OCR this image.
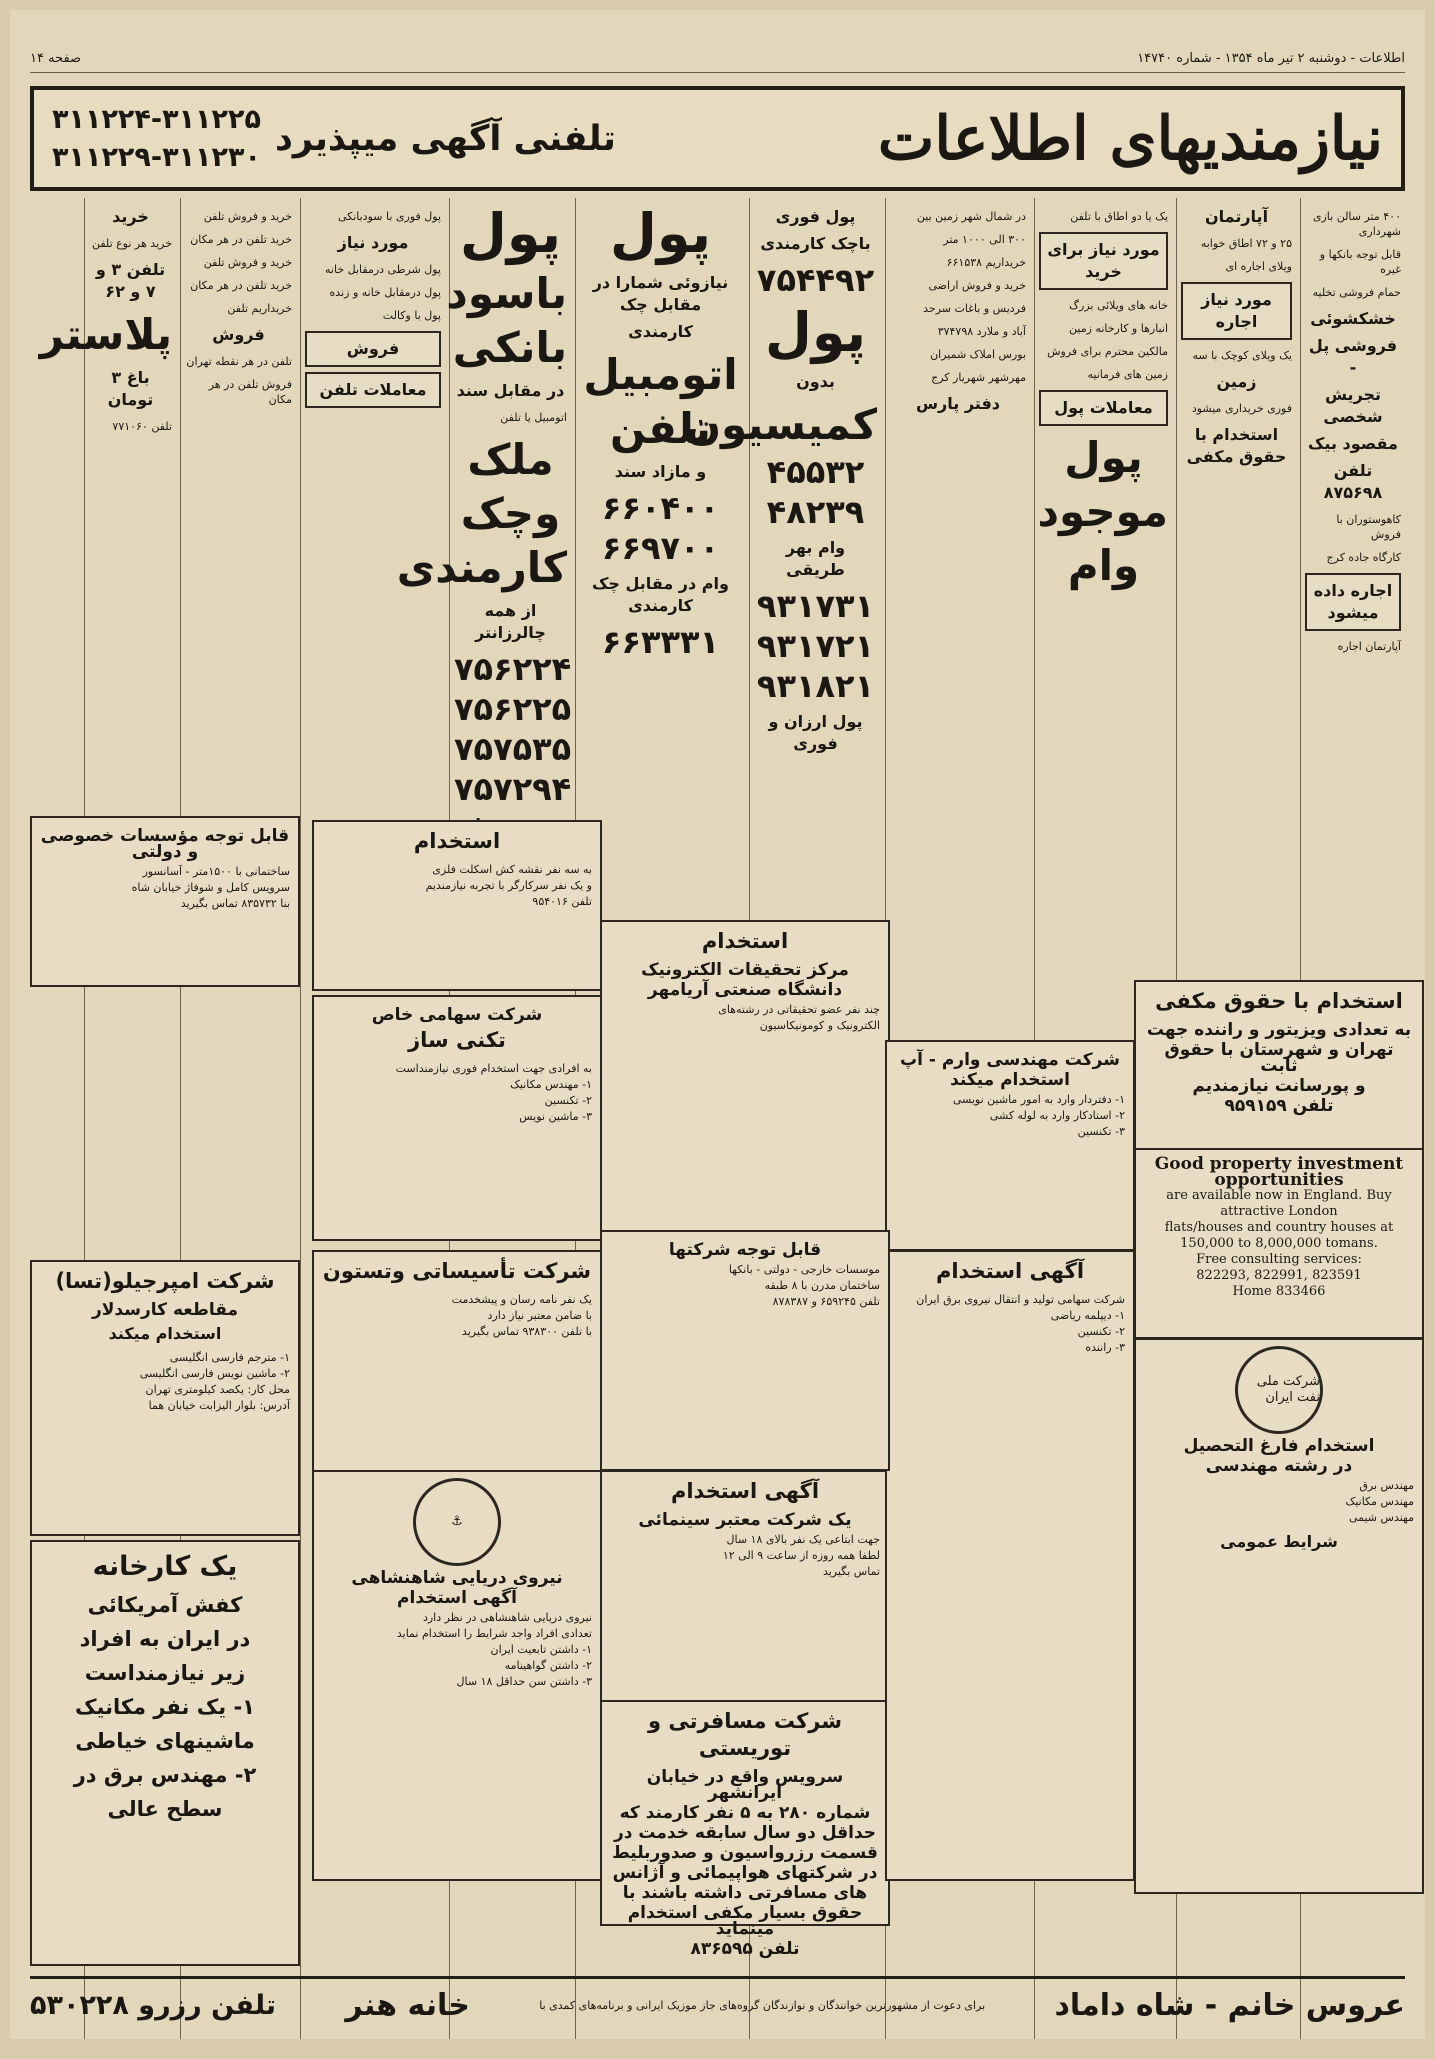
اطلاعات - دوشنبه ۲ تیر ماه ۱۳۵۴ - شماره ۱۴۷۴۰
صفحه ۱۴
نیازمندیهای اطلاعات
تلفنی آگهی میپذیرد
۳۱۱۲۲۴-۳۱۱۲۲۵
۳۱۱۲۲۹-۳۱۱۲۳۰
۴۰۰ متر سالن بازی شهرداری
قابل توجه بانکها و غیره
حمام فروشی تخلیه
خشکشوئی
فروشی پل -
تجریش شخصی
مقصود بیک
تلفن ۸۷۵۶۹۸
کاهوستوران با فروش
کارگاه جاده کرج
اجاره داده میشود
آپارتمان اجاره
آپارتمان
۲۵ و ۷۲ اطاق خوابه
ویلای اجاره ای
مورد نیاز اجاره
یک ویلای کوچک با سه
زمین
فوری خریداری میشود
استخدام با حقوق مکفی
یک یا دو اطاق با تلفن
مورد نیاز برای خرید
خانه های ویلائی بزرگ
انبارها و کارخانه زمین
مالکین محترم برای فروش
زمین های فرمانیه
معاملات پول
پول موجود
وام
در شمال شهر زمین بین
۳۰۰ الی ۱۰۰۰ متر
خریداریم ۶۶۱۵۳۸
خرید و فروش اراضی
فردیس و باغات سرحد
آباد و ملارد ۳۷۴۷۹۸
بورس املاک شمیران
مهرشهر شهریار کرج
دفتر پارس
پول فوری
باچک کارمندی
۷۵۴۴۹۲
پول
بدون
کمیسیون
۴۵۵۳۲
۴۸۲۳۹
وام بهر طریقی
۹۳۱۷۳۱
۹۳۱۷۲۱
۹۳۱۸۲۱
پول ارزان و فوری
پول
نیازوئی شمارا در مقابل چک
کارمندی
اتومبیل
تلفن
و مازاد سند
۶۶۰۴۰۰
۶۶۹۷۰۰
وام در مقابل چک کارمندی
۶۶۳۳۳۱
پول
باسود بانکی
در مقابل سند
اتومبیل یا تلفن
ملک
وچک
کارمندی
از همه چالرزانتر
۷۵۶۲۲۴
۷۵۶۲۲۵
۷۵۷۵۳۵
۷۵۷۲۹۴
پول فوری با سودبانکی
مورد نیاز
پول شرطی درمقابل خانه
پول درمقابل خانه و زنده
پول با وکالت
فروش
معاملات تلفن
خرید و فروش تلفن
خرید تلفن در هر مکان
خرید و فروش تلفن
خرید تلفن در هر مکان
خریداریم تلفن
فروش
تلفن در هر نقطه تهران
فروش تلفن در هر مکان
خرید
خرید هر نوع تلفن
تلفن ۳ و ۷ و ۶۲
پلاستر
باغ ۳ تومان
تلفن ۷۷۱۰۶۰
استخدام با حقوق مکفی
به تعدادی ویزیتور و راننده جهت
تهران و شهرستان با حقوق ثابت
و پورسانت نیازمندیم
تلفن ۹۵۹۱۵۹
Good property investment opportunities
are available now in England. Buy attractive London
flats/houses and country houses at 150,000 to 8,000,000 tomans.
Free consulting services:
822293, 822991, 823591
Home 833466
شرکت ملی نفت ایران
استخدام فارغ التحصیل
در رشته مهندسی
مهندس برق
مهندس مکانیک
مهندس شیمی
شرایط عمومی
استخدام
مرکز تحقیقات الکترونیک
دانشگاه صنعتی آریامهر
چند نفر عضو تحقیقاتی در رشته‌های
الکترونیک و کومونیکاسیون
شرکت سهامی خاص
تکنی ساز
به افرادی جهت استخدام فوری نیازمنداست
۱- مهندس مکانیک
۲- تکنسین
۳- ماشین نویس
شرکت امپرجیلو(تسا)
مقاطعه کارسدلار
استخدام میکند
۱- مترجم فارسی انگلیسی
۲- ماشین نویس فارسی انگلیسی
محل کار: یکصد کیلومتری تهران
آدرس: بلوار الیزابت خیابان هما
یک کارخانه
کفش آمریکائی
در ایران به افراد
زیر نیازمنداست
۱- یک نفر مکانیک
ماشینهای خیاطی
۲- مهندس برق در
سطح عالی
شرکت تأسیساتی وتستون
یک نفر نامه رسان و پیشخدمت
با ضامن معتبر نیاز دارد
با تلفن ۹۳۸۳۰۰ تماس بگیرید
⚓
نیروی دریایی شاهنشاهی
آگهی استخدام
نیروی دریایی شاهنشاهی در نظر دارد
تعدادی افراد واجد شرایط را استخدام نماید
۱- داشتن تابعیت ایران
۲- داشتن گواهینامه
۳- داشتن سن حداقل ۱۸ سال
آگهی استخدام
یک شرکت معتبر سینمائی
جهت ابتاعی یک نفر بالای ۱۸ سال
لطفا همه روزه از ساعت ۹ الی ۱۲
تماس بگیرید
شرکت مسافرتی و توریستی
سرویس واقع در خیابان ایرانشهر
شماره ۲۸۰ به ۵ نفر کارمند که
حداقل دو سال سابقه خدمت در
قسمت رزرواسیون و صدوربلیط
در شرکتهای هواپیمائی و آژانس
های مسافرتی داشته باشند با
حقوق بسیار مکفی استخدام مینماید
تلفن ۸۳۶۵۹۵
آگهی استخدام
شرکت سهامی تولید و انتقال نیروی برق ایران
۱- دیپلمه ریاضی
۲- تکنسین
۳- راننده
قابل توجه مؤسسات خصوصی و دولتی
ساختمانی با ۱۵۰۰متر - آسانسور
سرویس کامل و شوفاژ خیابان شاه
بنا ۸۳۵۷۳۲ تماس بگیرید
استخدام
به سه نفر نقشه کش اسکلت فلزی
و یک نفر سرکارگر با تجربه نیازمندیم
تلفن ۹۵۴۰۱۶
شرکت مهندسی وارم - آپ
استخدام میکند
۱- دفتردار وارد به امور ماشین نویسی
۲- استادکار وارد به لوله کشی
۳- تکنسین
قابل توجه شرکتها
موسسات خارجی - دولتی - بانکها
ساختمان مدرن با ۸ طبقه
تلفن ۶۵۹۲۴۵ و ۸۷۸۳۸۷
عروس خانم - شاه داماد
برای دعوت از مشهورترین خوانندگان و نوازندگان گروه‌های جاز موزیک ایرانی و برنامه‌های کمدی با
خانه هنر
تلفن رزرو ۵۳۰۲۲۸
